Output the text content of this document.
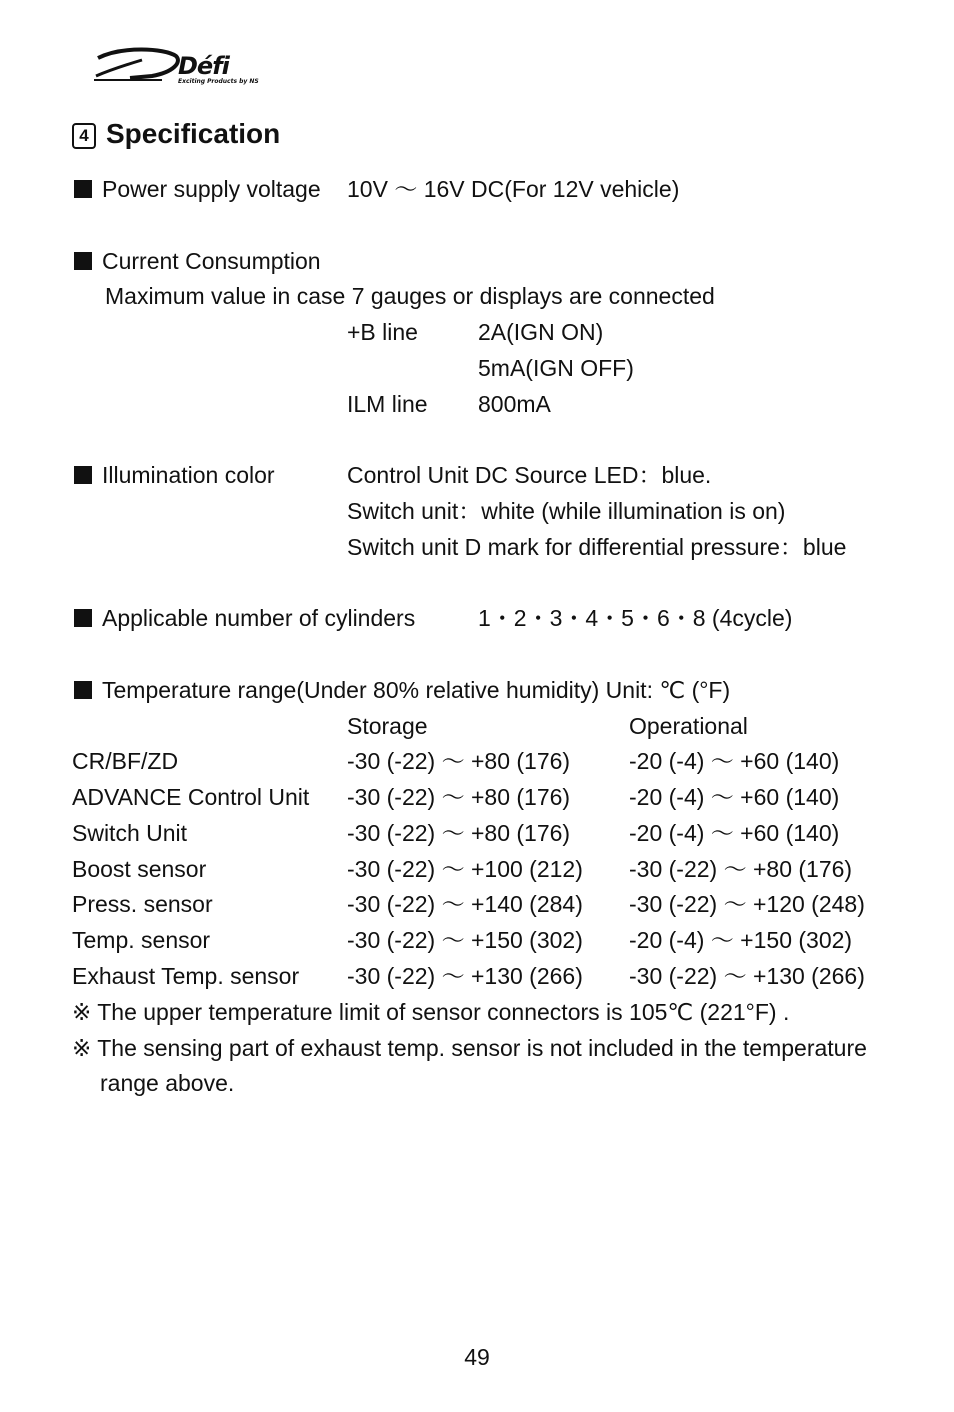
Défi
Exciting Products by NS
4 Specification
Power supply voltage 10V ～ 16V DC(For 12V vehicle)
Current Consumption
Maximum value in case 7 gauges or displays are connected
+B line	2A(IGN ON)
5mA(IGN OFF)
ILM line 800mA
Illumination color	Control Unit DC Source LED：blue.
Switch unit：white (while illumination is on)
Switch unit D mark for differential pressure：blue
Applicable number of cylinders	1・2・3・4・5・6・8 (4cycle)
Temperature range(Under 80% relative humidity) Unit: ℃ (°F)
Storage	Operational
CR/BF/ZD	-30 (-22) ～ +80 (176)	-20 (-4) ～ +60 (140)
ADVANCE Control Unit -30 (-22) ～ +80 (176)	-20 (-4) ～ +60 (140)
Switch Unit	-30 (-22) ～ +80 (176)	-20 (-4) ～ +60 (140)
Boost sensor	-30 (-22) ～ +100 (212) -30 (-22) ～ +80 (176)
Press. sensor	-30 (-22) ～ +140 (284) -30 (-22) ～ +120 (248)
Temp. sensor	-30 (-22) ～ +150 (302) -20 (-4) ～ +150 (302)
Exhaust Temp. sensor -30 (-22) ～ +130 (266) -30 (-22) ～ +130 (266)
※ The upper temperature limit of sensor connectors is 105℃ (221°F) .
※ The sensing part of exhaust temp. sensor is not included in the temperature
range above.
49
